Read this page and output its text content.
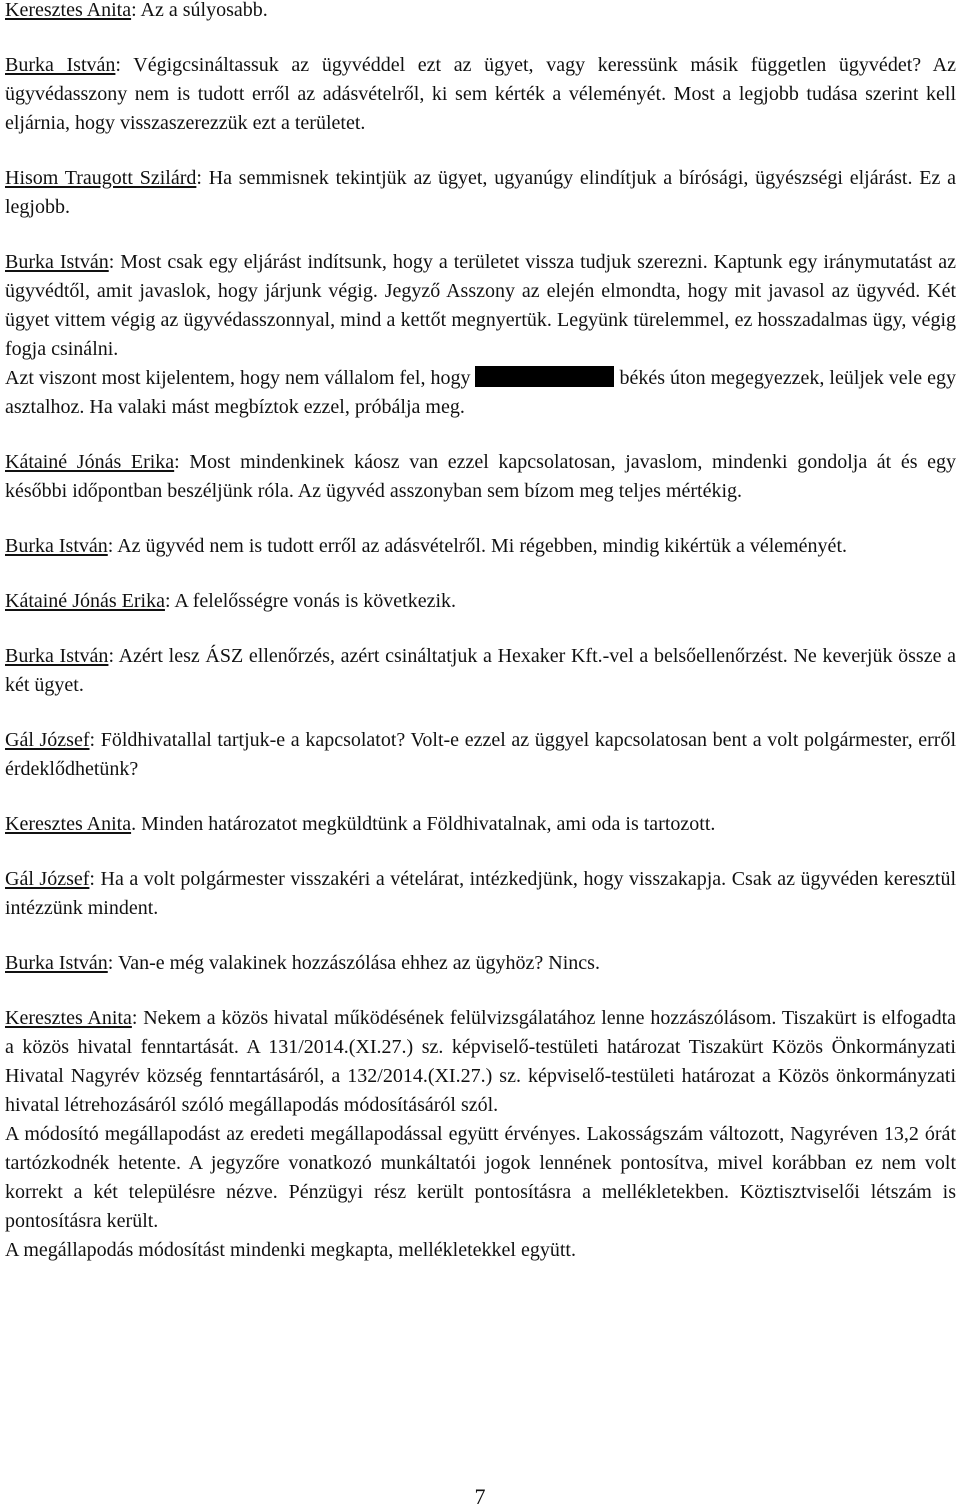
Keresztes Anita: Az a súlyosabb.

Burka István: Végigcsináltassuk az ügyvéddel ezt az ügyet, vagy keressünk másik független ügyvédet? Az ügyvédasszony nem is tudott erről az adásvételről, ki sem kérték a véleményét. Most a legjobb tudása szerint kell eljárnia, hogy visszaszerezzük ezt a területet.

Hisom Traugott Szilárd: Ha semmisnek tekintjük az ügyet, ugyanúgy elindítjuk a bírósági, ügyészségi eljárást. Ez a legjobb.

Burka István: Most csak egy eljárást indítsunk, hogy a területet vissza tudjuk szerezni. Kaptunk egy iránymutatást az ügyvédtől, amit javaslok, hogy járjunk végig. Jegyző Asszony az elején elmondta, hogy mit javasol az ügyvéd. Két ügyet vittem végig az ügyvédasszonnyal, mind a kettőt megnyertük. Legyünk türelemmel, ez hosszadalmas ügy, végig fogja csinálni.

Azt viszont most kijelentem, hogy nem vállalom fel, hogy	békés úton megegyezzek, leüljek vele egy asztalhoz. Ha valaki mást megbíztok ezzel, próbálja meg.

Kátainé Jónás Erika: Most mindenkinek káosz van ezzel kapcsolatosan, javaslom, mindenki gondolja át és egy későbbi időpontban beszéljünk róla. Az ügyvéd asszonyban sem bízom meg teljes mértékig.

Burka István: Az ügyvéd nem is tudott erről az adásvételről. Mi régebben, mindig kikértük a véleményét.

Kátainé Jónás Erika: A felelősségre vonás is következik.

Burka István: Azért lesz ÁSZ ellenőrzés, azért csináltatjuk a Hexaker Kft.-vel a belsőellenőrzést. Ne keverjük össze a két ügyet.

Gál József: Földhivatallal tartjuk-e a kapcsolatot? Volt-e ezzel az üggyel kapcsolatosan bent a volt polgármester, erről érdeklődhetünk?

Keresztes Anita. Minden határozatot megküldtünk a Földhivatalnak, ami oda is tartozott.

Gál József: Ha a volt polgármester visszakéri a vételárat, intézkedjünk, hogy visszakapja. Csak az ügyvéden keresztül intézzünk mindent.

Burka István: Van-e még valakinek hozzászólása ehhez az ügyhöz? Nincs.

Keresztes Anita: Nekem a közös hivatal működésének felülvizsgálatához lenne hozzászólásom. Tiszakürt is elfogadta a közös hivatal fenntartását. A 131/2014.(XI.27.) sz. képviselő-testületi határozat Tiszakürt Közös Önkormányzati Hivatal Nagyrév község fenntartásáról, a 132/2014.(XI.27.) sz. képviselő-testületi határozat a Közös önkormányzati hivatal létrehozásáról szóló megállapodás módosításáról szól.

A módosító megállapodást az eredeti megállapodással együtt érvényes. Lakosságszám változott, Nagyréven 13,2 órát tartózkodnék hetente. A jegyzőre vonatkozó munkáltatói jogok lennének pontosítva, mivel korábban ez nem volt korrekt a két településre nézve. Pénzügyi rész került pontosításra a mellékletekben. Köztisztviselői létszám is pontosításra került.

A megállapodás módosítást mindenki megkapta, mellékletekkel együtt.

7
